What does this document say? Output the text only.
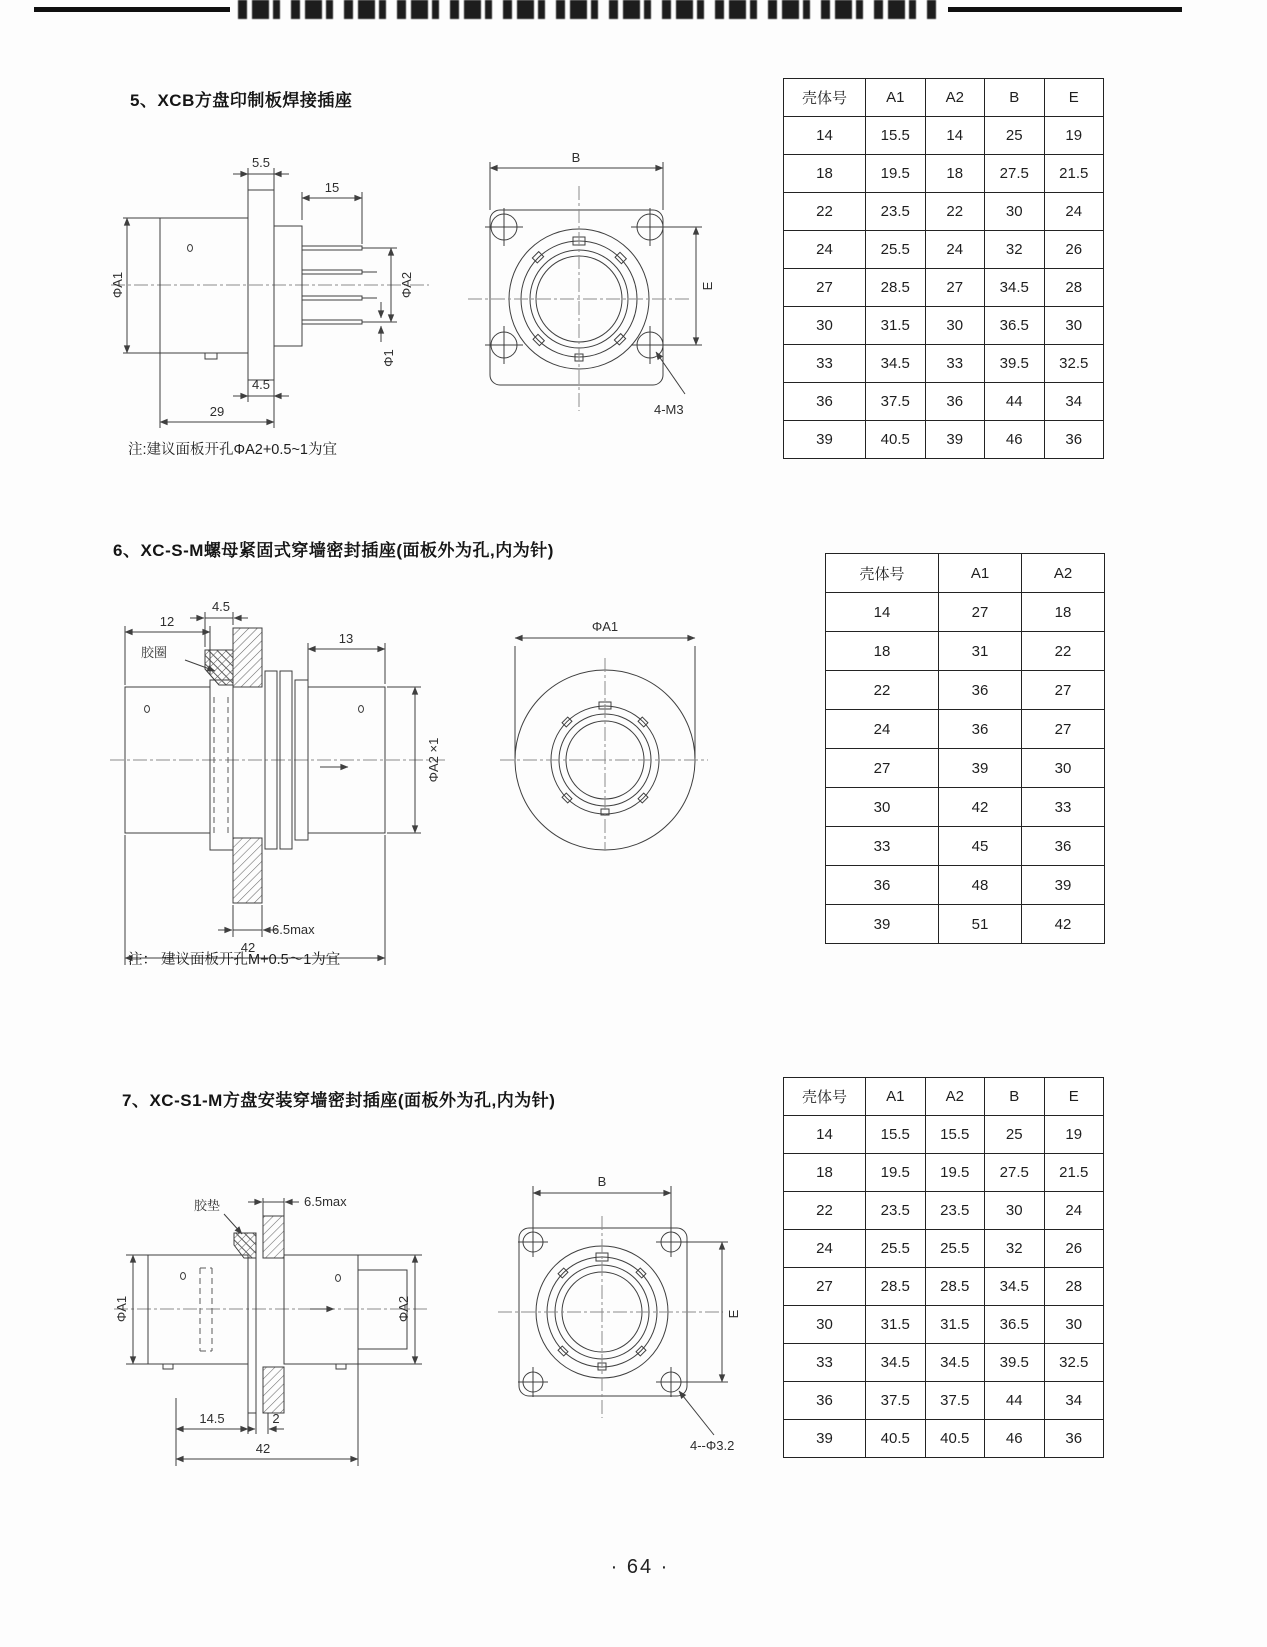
5、XCB方盘印制板焊接插座
5.5
15
ΦA1	ΦA2
Φ1
4.5
29
B
E
4-M3
壳体号	A1	A2	B	E
14	15.5	14	25	19
18	19.5	18	27.5	21.5
22	23.5	22	30	24
24	25.5	24	32	26
27	28.5	27	34.5	28
30	31.5	30	36.5	30
33	34.5	33	39.5	32.5
36	37.5	36	44	34
39	40.5	39	46	36
注:建议面板开孔ΦA2+0.5~1为宜
6、XC-S-M螺母紧固式穿墙密封插座(面板外为孔,内为针)
12
4.5
胶圈
13
ΦA2 ×1
6.5max
42
ΦA1
壳体号	A1	A2
14	27	18
18	31	22
22	36	27
24	36	27
27	39	30
30	42	33
33	45	36
36	48	39
39	51	42
注： 建议面板开孔M+0.5～1为宜
7、XC-S1-M方盘安装穿墙密封插座(面板外为孔,内为针)
胶垫	6.5max
ΦA1	ΦA2
14.5	2
42
B
E
4--Φ3.2
壳体号	A1	A2	B	E
14	15.5	15.5	25	19
18	19.5	19.5	27.5	21.5
22	23.5	23.5	30	24
24	25.5	25.5	32	26
27	28.5	28.5	34.5	28
30	31.5	31.5	36.5	30
33	34.5	34.5	39.5	32.5
36	37.5	37.5	44	34
39	40.5	40.5	46	36
· 64 ·
